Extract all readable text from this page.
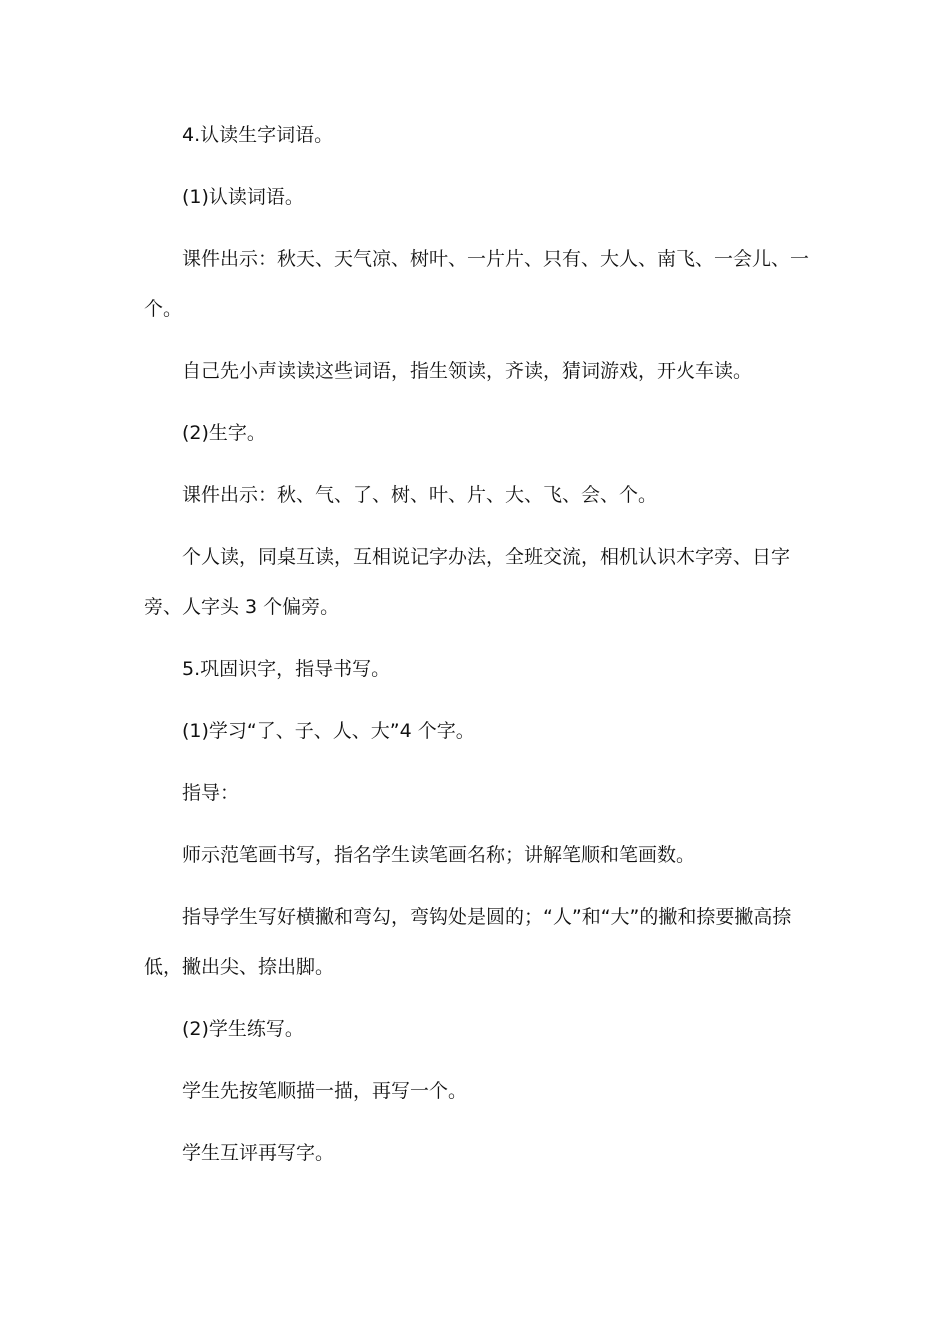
4.认读生字词语。

(1)认读词语。

课件出示：秋天、天气凉、树叶、一片片、只有、大人、南飞、一会儿、一个。

自己先小声读读这些词语，指生领读，齐读，猜词游戏，开火车读。

(2)生字。

课件出示：秋、气、了、树、叶、片、大、飞、会、个。

个人读，同桌互读，互相说记字办法，全班交流，相机认识木字旁、日字旁、人字头 3 个偏旁。

5.巩固识字，指导书写。

(1)学习“了、子、人、大”4 个字。

指导：

师示范笔画书写，指名学生读笔画名称；讲解笔顺和笔画数。

指导学生写好横撇和弯勾，弯钩处是圆的；“人”和“大”的撇和捺要撇高捺低，撇出尖、捺出脚。

(2)学生练写。

学生先按笔顺描一描，再写一个。

学生互评再写字。
